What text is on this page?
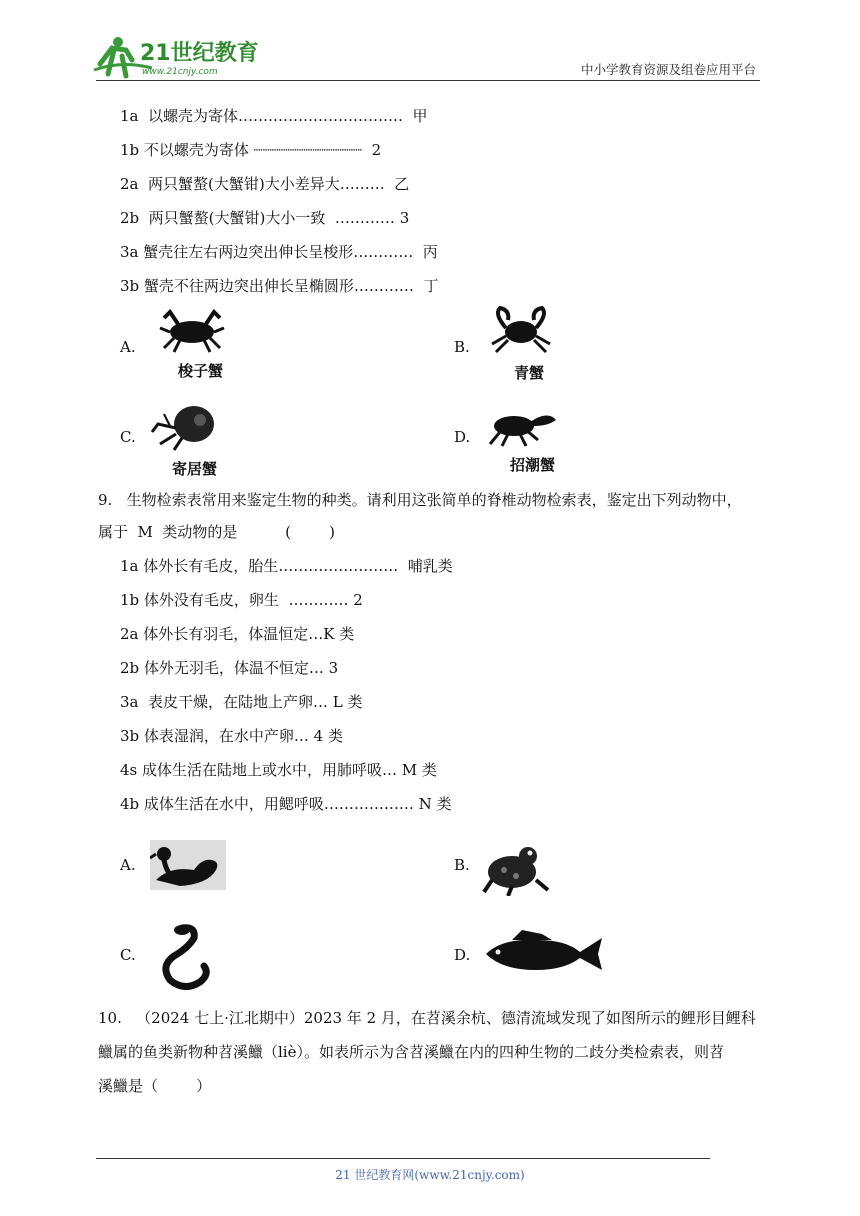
21世纪教育
www.21cnjy.com	中小学教育资源及组卷应用平台
1a  以螺壳为寄体……………………………  甲
1b 不以螺壳为寄体 ┈┈┈┈┈┈┈┈┈┈┈┈  2
2a  两只蟹螯(大蟹钳)大小差异大………  乙
2b  两只蟹螯(大蟹钳)大小一致  ………… 3
3a 蟹壳往左右两边突出伸长呈梭形…………  丙
3b 蟹壳不往两边突出伸长呈椭圆形…………  丁
A.
梭子蟹
B.
青蟹
C.
寄居蟹
D.
招潮蟹
9.   生物检索表常用来鉴定生物的种类。请利用这张简单的脊椎动物检索表，鉴定出下列动物中，
属于  M  类动物的是          (        )
1a 体外长有毛皮，胎生……………………  哺乳类
1b 体外没有毛皮，卵生  ………… 2
2a 体外长有羽毛，体温恒定…K 类
2b 体外无羽毛，体温不恒定… 3
3a  表皮干燥，在陆地上产卵… L 类
3b 体表湿润，在水中产卵… 4 类
4s 成体生活在陆地上或水中，用肺呼吸… M 类
4b 成体生活在水中，用鳃呼吸……………… N 类
A.	B.
C.	D.
10.   （2024 七上·江北期中）2023 年 2 月，在苕溪余杭、德清流域发现了如图所示的鲤形目鲤科
鱲属的鱼类新物种苕溪鱲（liè）。如表所示为含苕溪鱲在内的四种生物的二歧分类检索表，则苕
溪鱲是（        ）
21 世纪教育网(www.21cnjy.com)
